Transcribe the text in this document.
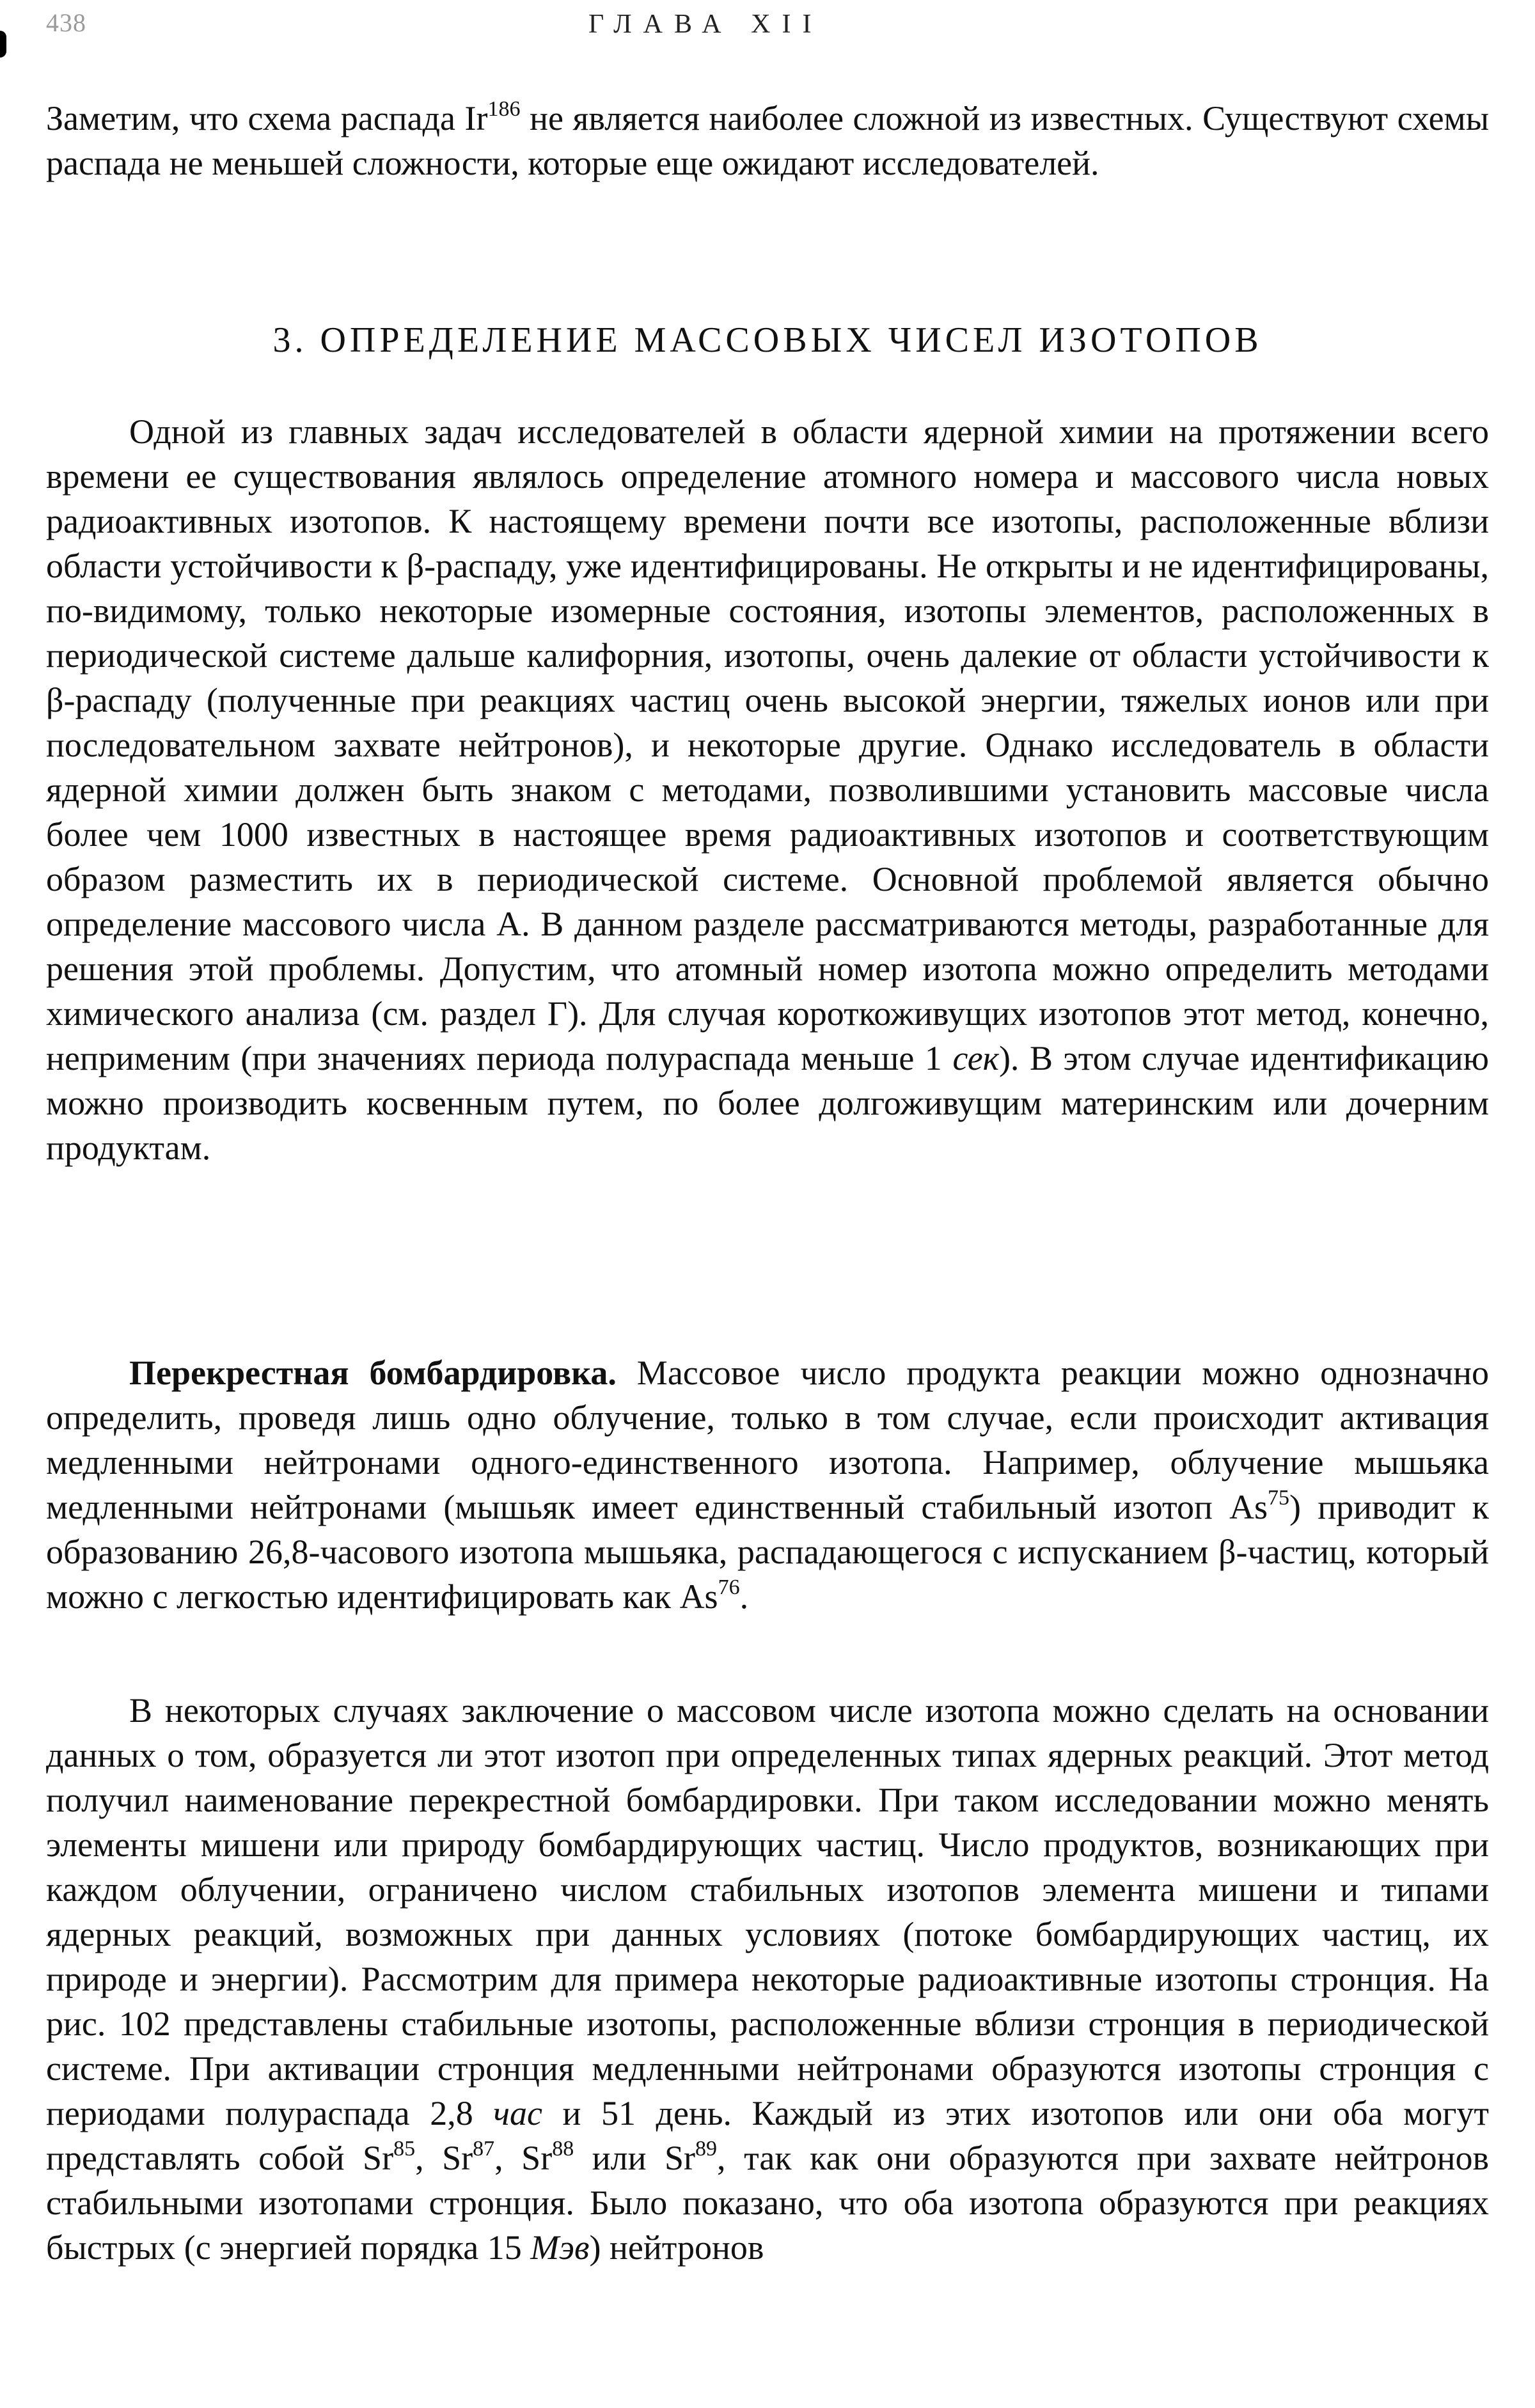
438	ГЛАВА XII

Заметим, что схема распада Ir$^{186}$ не является наиболее сложной из известных. Существуют схемы распада не меньшей сложности, которые еще ожидают исследователей.

3. ОПРЕДЕЛЕНИЕ МАССОВЫХ ЧИСЕЛ ИЗОТОПОВ

Одной из главных задач исследователей в области ядерной химии на протяжении всего времени ее существования являлось определение атомного номера и массового числа новых радиоактивных изотопов. К настоящему времени почти все изотопы, расположенные вблизи области устойчивости к β-распаду, уже идентифицированы. Не открыты и не идентифицированы, по-видимому, только некоторые изомерные состояния, изотопы элементов, расположенных в периодической системе дальше калифорния, изотопы, очень далекие от области устойчивости к β-распаду (полученные при реакциях частиц очень высокой энергии, тяжелых ионов или при последовательном захвате нейтронов), и некоторые другие. Однако исследователь в области ядерной химии должен быть знаком с методами, позволившими установить массовые числа более чем 1000 известных в настоящее время радиоактивных изотопов и соответствующим образом разместить их в периодической системе. Основной проблемой является обычно определение массового числа A. В данном разделе рассматриваются методы, разработанные для решения этой проблемы. Допустим, что атомный номер изотопа можно определить методами химического анализа (см. раздел Г). Для случая короткоживущих изотопов этот метод, конечно, неприменим (при значениях периода полураспада меньше 1 сек). В этом случае идентификацию можно производить косвенным путем, по более долгоживущим материнским или дочерним продуктам.

Перекрестная бомбардировка. Массовое число продукта реакции можно однозначно определить, проведя лишь одно облучение, только в том случае, если происходит активация медленными нейтронами одного-единственного изотопа. Например, облучение мышьяка медленными нейтронами (мышьяк имеет единственный стабильный изотоп As$^{75}$) приводит к образованию 26,8-часового изотопа мышьяка, распадающегося с испусканием β-частиц, который можно с легкостью идентифицировать как As$^{76}$.

В некоторых случаях заключение о массовом числе изотопа можно сделать на основании данных о том, образуется ли этот изотоп при определенных типах ядерных реакций. Этот метод получил наименование перекрестной бомбардировки. При таком исследовании можно менять элементы мишени или природу бомбардирующих частиц. Число продуктов, возникающих при каждом облучении, ограничено числом стабильных изотопов элемента мишени и типами ядерных реакций, возможных при данных условиях (потоке бомбардирующих частиц, их природе и энергии). Рассмотрим для примера некоторые радиоактивные изотопы стронция. На рис. 102 представлены стабильные изотопы, расположенные вблизи стронция в периодической системе. При активации стронция медленными нейтронами образуются изотопы стронция с периодами полураспада 2,8 час и 51 день. Каждый из этих изотопов или они оба могут представлять собой Sr$^{85}$, Sr$^{87}$, Sr$^{88}$ или Sr$^{89}$, так как они образуются при захвате нейтронов стабильными изотопами стронция. Было показано, что оба изотопа образуются при реакциях быстрых (с энергией порядка 15 Мэв) нейтронов
